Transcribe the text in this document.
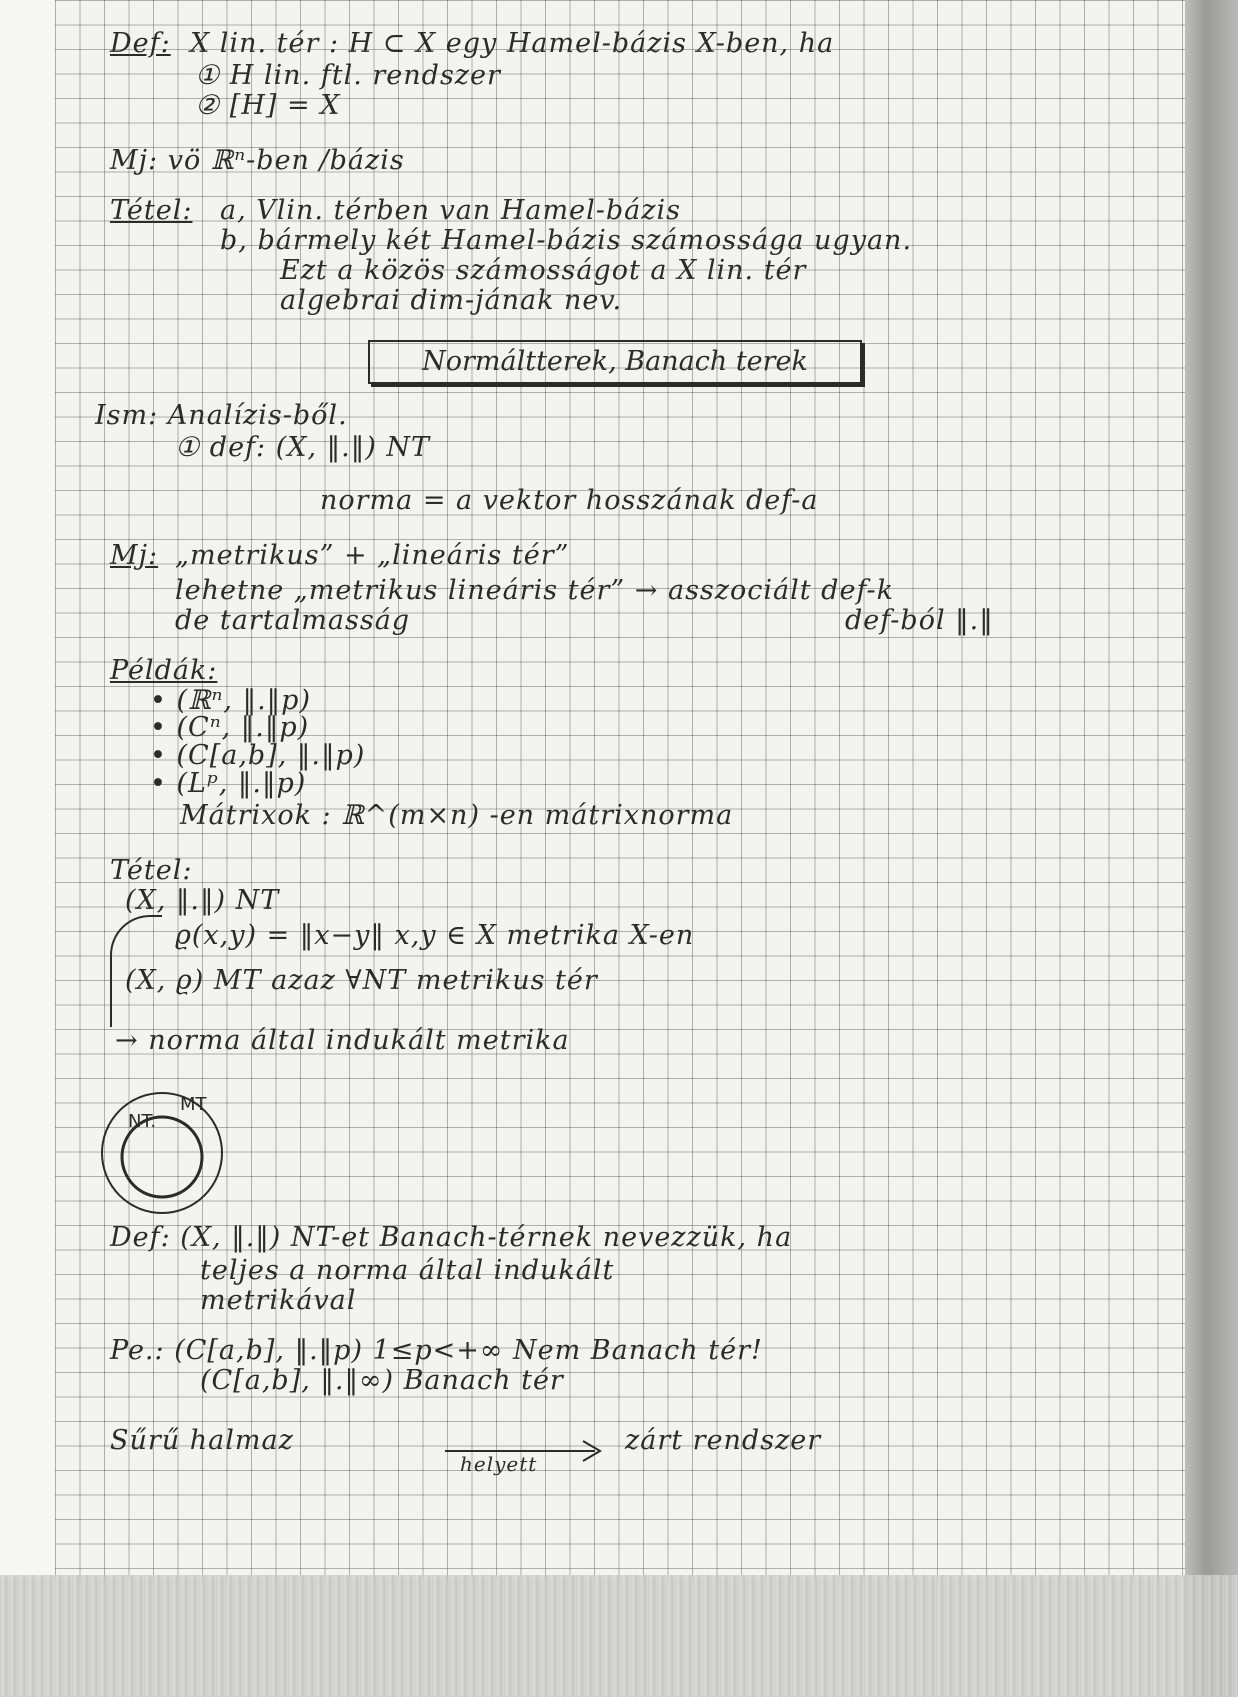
Def: X lin. tér : H ⊂ X egy Hamel-bázis X-ben, ha
① H lin. ftl. rendszer
② [H] = X
Mj: vö ℝⁿ-ben /bázis
Tétel: a, Vlin. térben van Hamel-bázis
b, bármely két Hamel-bázis számossága ugyan.
Ezt a közös számosságot a X lin. tér
algebrai dim-jának nev.
Normáltterek, Banach terek
Ism: Analízis-ből.
① def: (X, ‖.‖) NT
norma = a vektor hosszának def-a
Mj: „metrikus” + „lineáris tér”
lehetne „metrikus lineáris tér” → asszociált def-k
de tartalmasság	def-ból ‖.‖
Példák:
• (ℝⁿ, ‖.‖p)
• (Cⁿ, ‖.‖p)
• (C[a,b], ‖.‖p)
• (Lᵖ, ‖.‖p)
Mátrixok : ℝ^(m×n) -en mátrixnorma
Tétel:
(X, ‖.‖) NT
ϱ(x,y) = ‖x−y‖ x,y ∈ X metrika X-en
(X, ϱ) MT azaz ∀NT metrikus tér
→ norma által indukált metrika
MT
NT.
Def: (X, ‖.‖) NT-et Banach-térnek nevezzük, ha
teljes a norma által indukált
metrikával
Pe.: (C[a,b], ‖.‖p) 1≤p<+∞ Nem Banach tér!
(C[a,b], ‖.‖∞) Banach tér
Sűrű halmaz	zárt rendszer
helyett
